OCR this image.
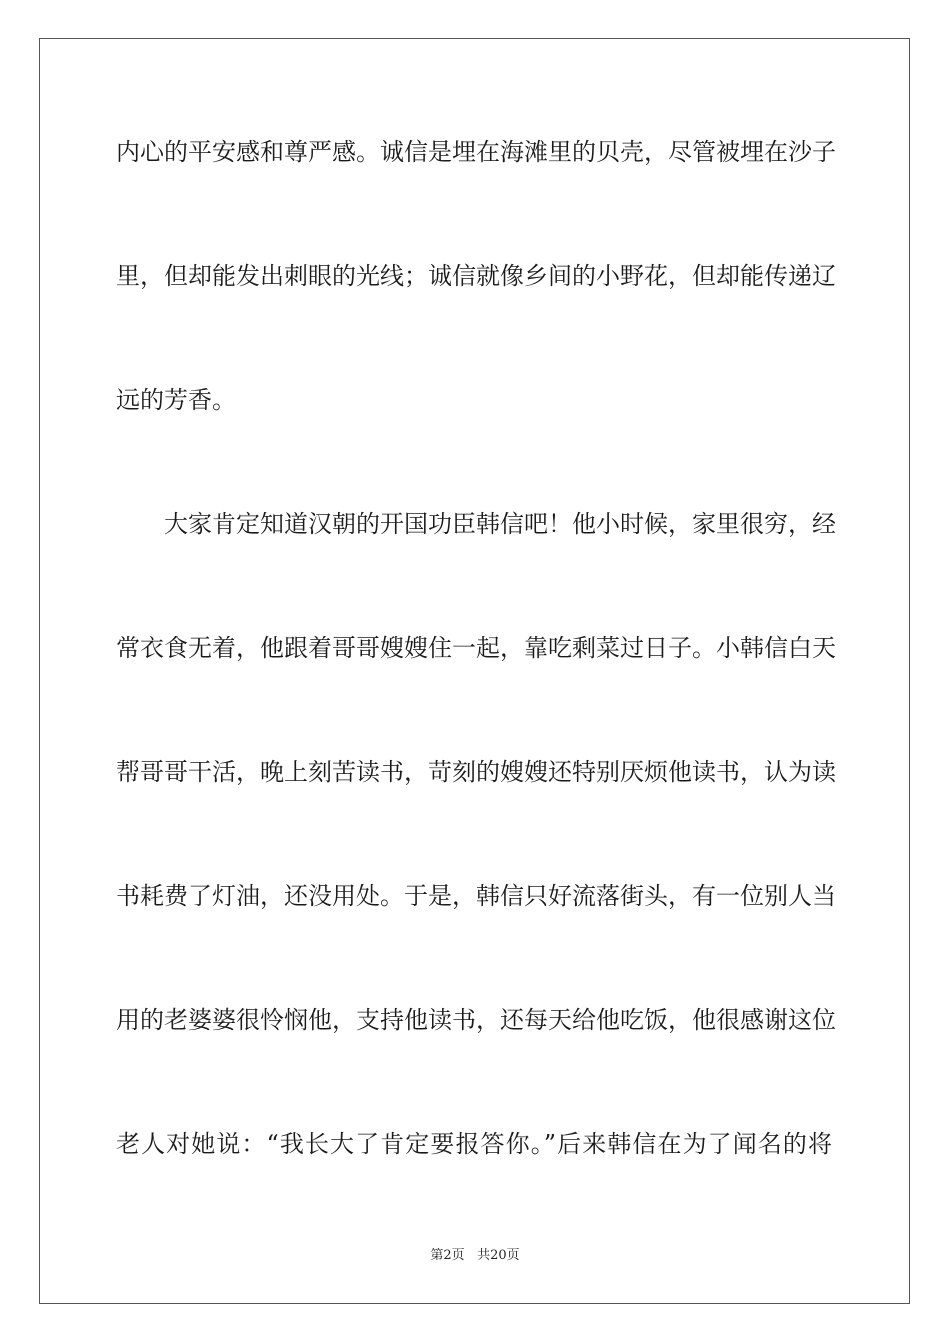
内心的平安感和尊严感。诚信是埋在海滩里的贝壳，尽管被埋在沙子
里，但却能发出刺眼的光线；诚信就像乡间的小野花，但却能传递辽
远的芳香。
大家肯定知道汉朝的开国功臣韩信吧！他小时候，家里很穷，经
常衣食无着，他跟着哥哥嫂嫂住一起，靠吃剩菜过日子。小韩信白天
帮哥哥干活，晚上刻苦读书，苛刻的嫂嫂还特别厌烦他读书，认为读
书耗费了灯油，还没用处。于是，韩信只好流落街头，有一位别人当
用的老婆婆很怜悯他，支持他读书，还每天给他吃饭，他很感谢这位
老人对她说：“我长大了肯定要报答你。”后来韩信在为了闻名的将
第2页 共20页
